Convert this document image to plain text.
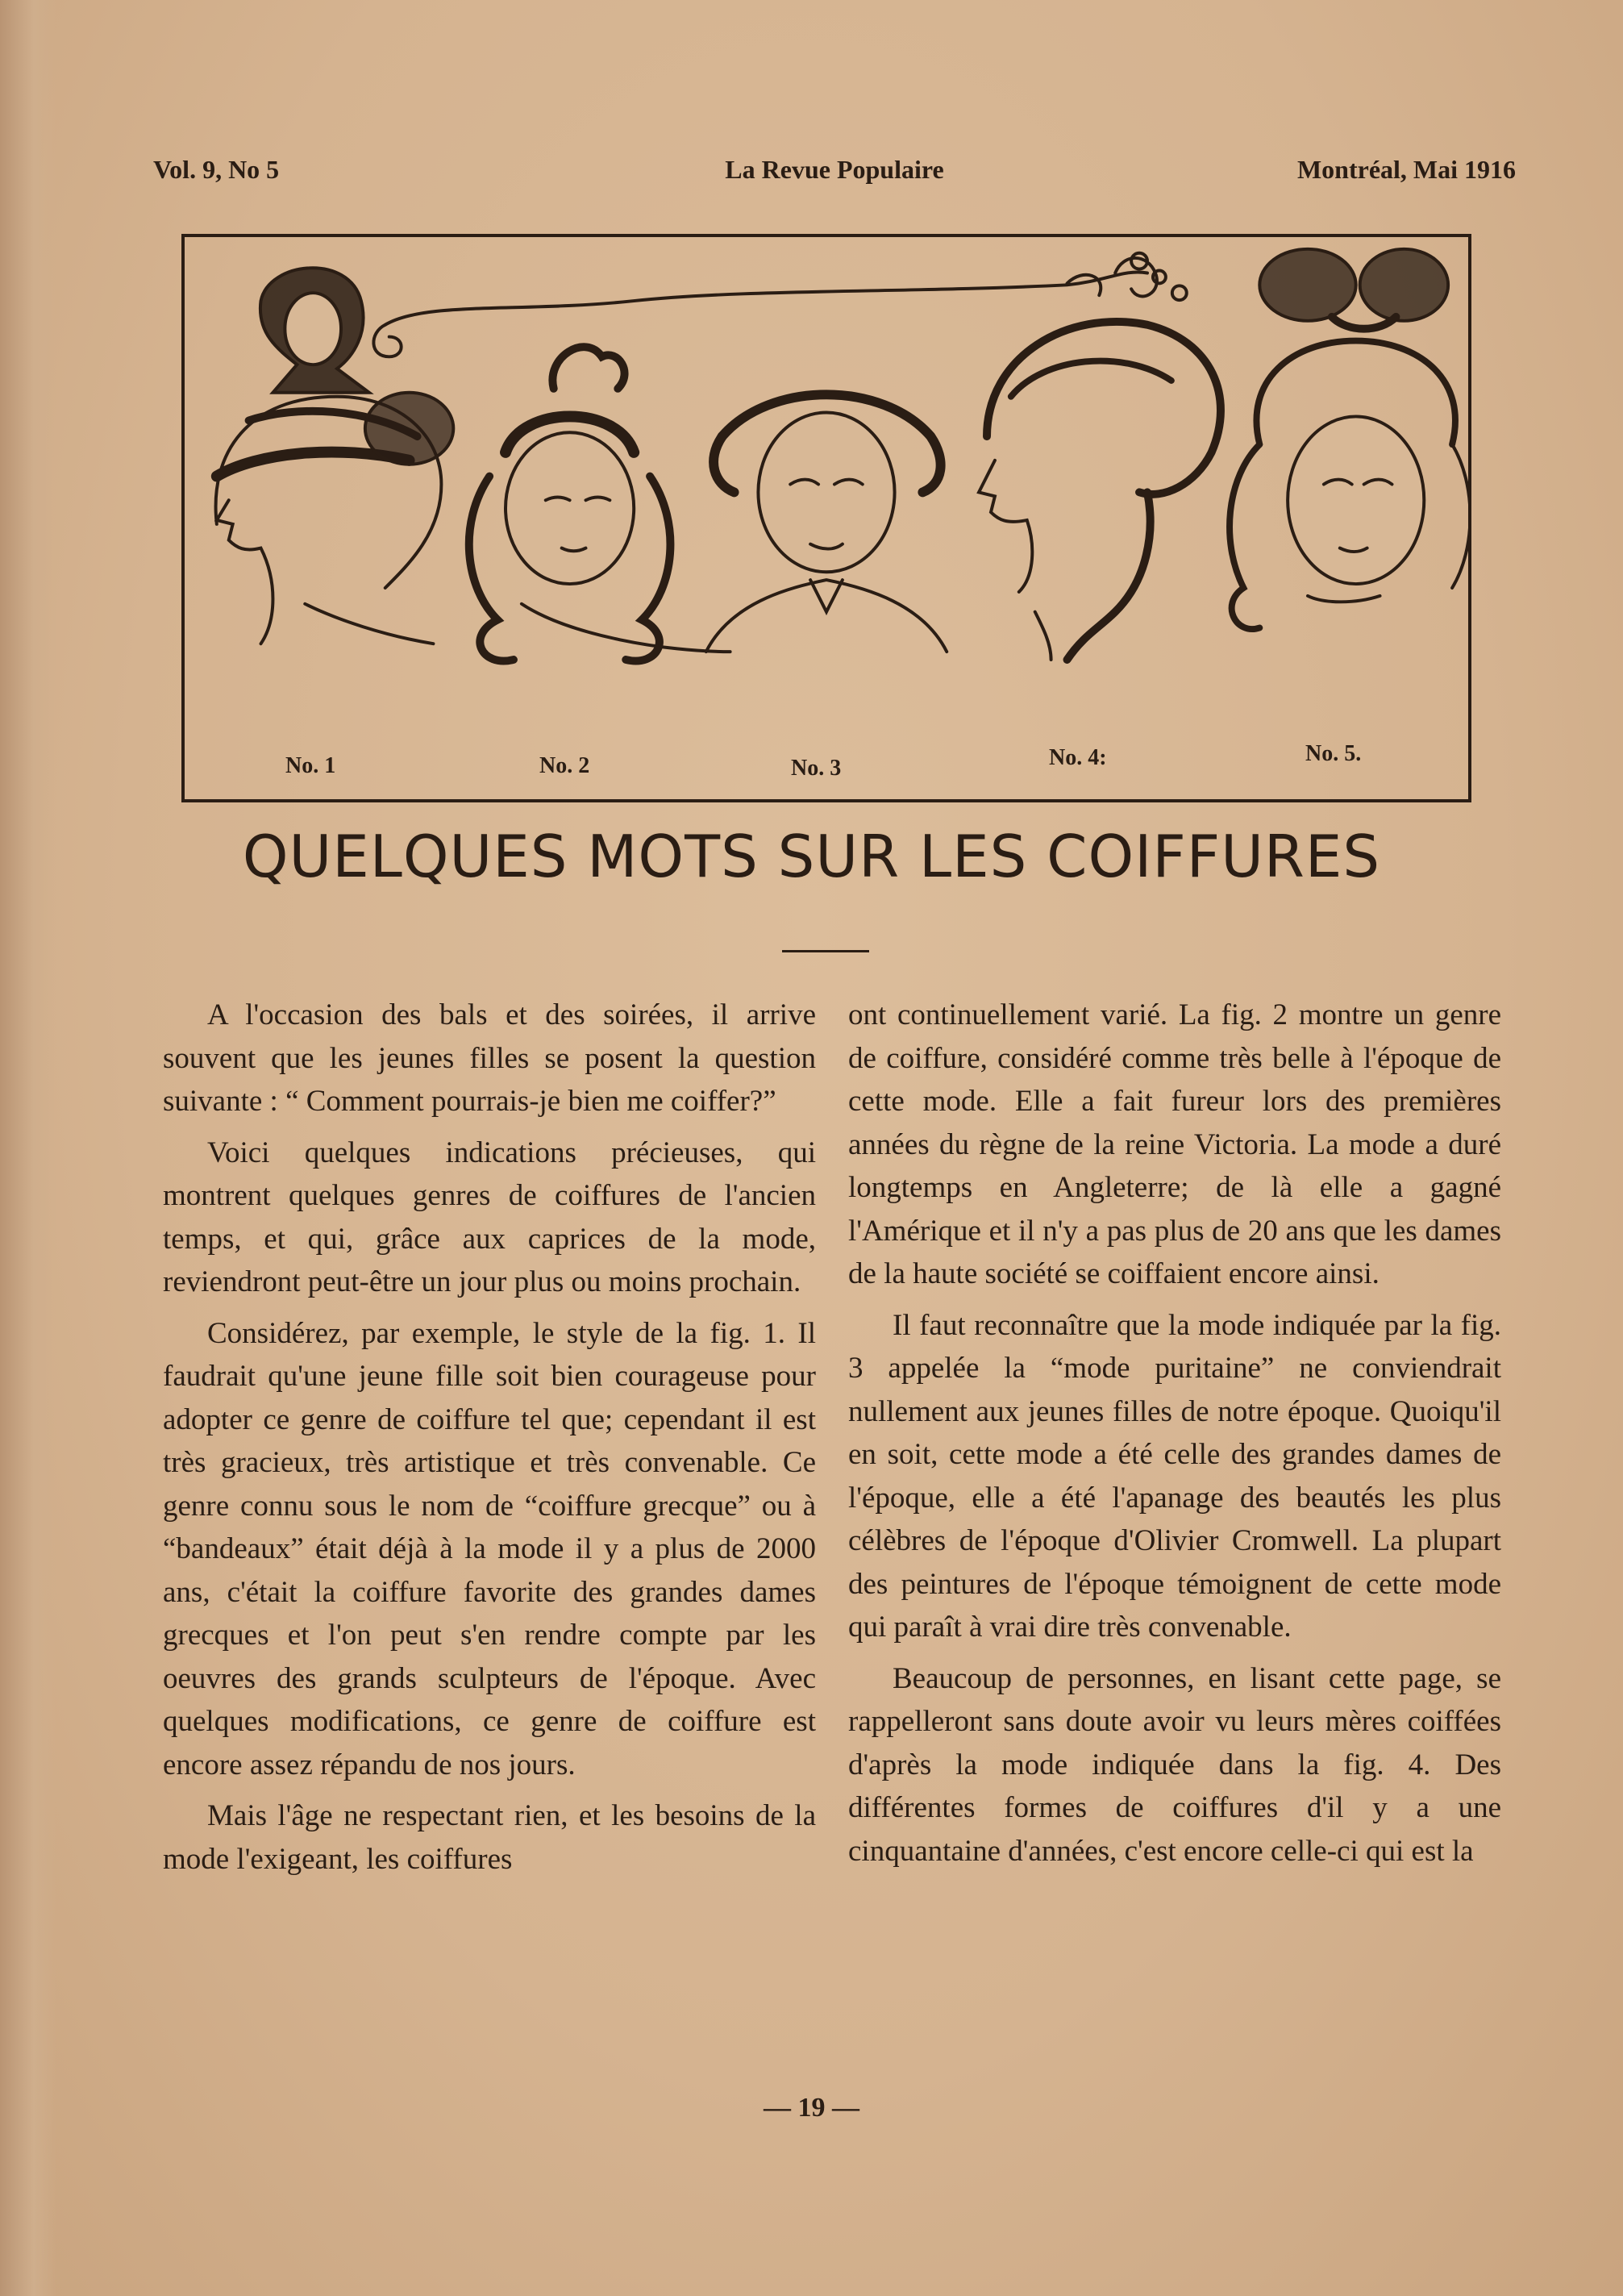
Vol. 9, No 5	La Revue Populaire	Montréal, Mai 1916
No. 1	No. 2	No. 3	No. 4:	No. 5.
QUELQUES MOTS SUR LES COIFFURES

A l'occasion des bals et des soirées, il arrive souvent que les jeunes filles se posent la question suivante : “ Comment pourrais-je bien me coiffer?”

Voici quelques indications précieuses, qui montrent quelques genres de coiffures de l'ancien temps, et qui, grâce aux caprices de la mode, reviendront peut-être un jour plus ou moins prochain.

Considérez, par exemple, le style de la fig. 1. Il faudrait qu'une jeune fille soit bien courageuse pour adopter ce genre de coiffure tel que; cependant il est très gracieux, très artistique et très convenable. Ce genre connu sous le nom de “coiffure grecque” ou à “bandeaux” était déjà à la mode il y a plus de 2000 ans, c'était la coiffure favorite des grandes dames grecques et l'on peut s'en rendre compte par les oeuvres des grands sculpteurs de l'époque. Avec quelques modifications, ce genre de coiffure est encore assez répandu de nos jours.

Mais l'âge ne respectant rien, et les besoins de la mode l'exigeant, les coiffures

ont continuellement varié. La fig. 2 montre un genre de coiffure, considéré comme très belle à l'époque de cette mode. Elle a fait fureur lors des premières années du règne de la reine Victoria. La mode a duré longtemps en Angleterre; de là elle a gagné l'Amérique et il n'y a pas plus de 20 ans que les dames de la haute société se coiffaient encore ainsi.

Il faut reconnaître que la mode indiquée par la fig. 3 appelée la “mode puritaine” ne conviendrait nullement aux jeunes filles de notre époque. Quoiqu'il en soit, cette mode a été celle des grandes dames de l'époque, elle a été l'apanage des beautés les plus célèbres de l'époque d'Olivier Cromwell. La plupart des peintures de l'époque témoignent de cette mode qui paraît à vrai dire très convenable.

Beaucoup de personnes, en lisant cette page, se rappelleront sans doute avoir vu leurs mères coiffées d'après la mode indiquée dans la fig. 4. Des différentes formes de coiffures d'il y a une cinquantaine d'années, c'est encore celle-ci qui est la

— 19 —
